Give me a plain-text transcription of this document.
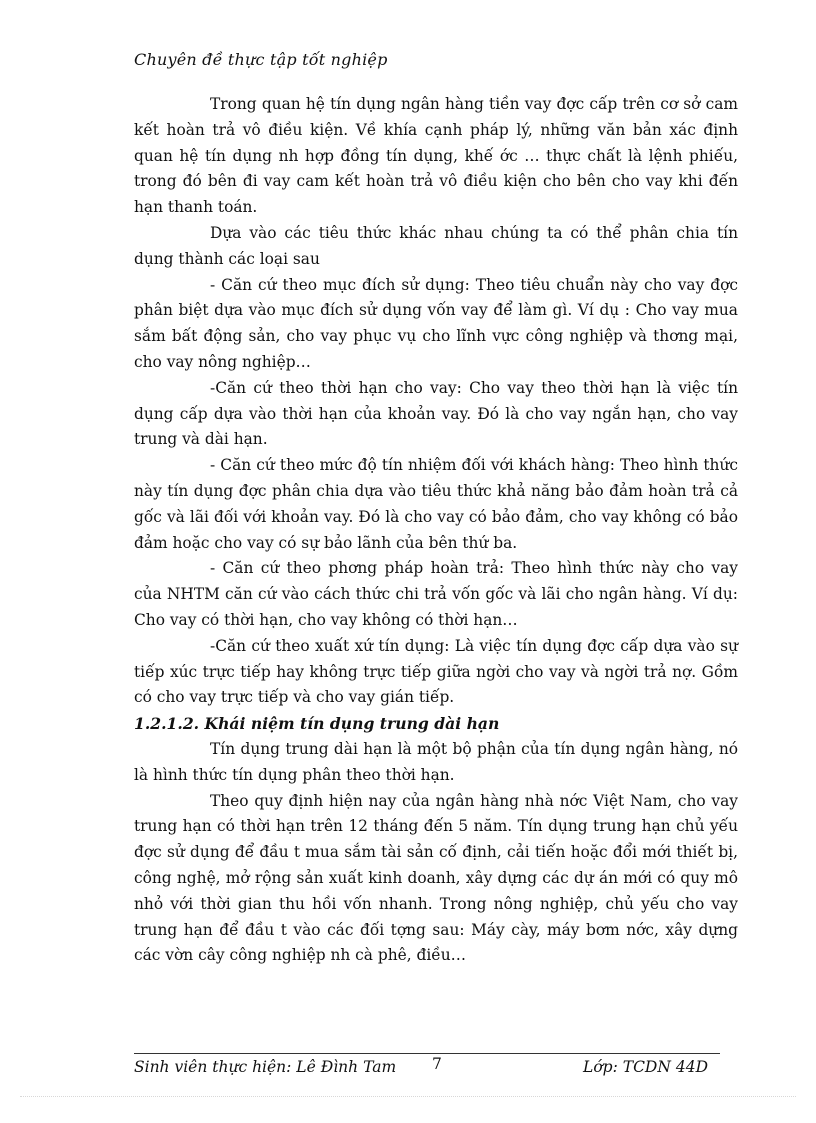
Chuyên đề thực tập tốt nghiệp

Trong quan hệ tín dụng ngân hàng tiền vay đợc cấp trên cơ sở cam kết hoàn trả vô điều kiện. Về khía cạnh pháp lý, những văn bản xác định quan hệ tín dụng nh hợp đồng tín dụng, khế ớc … thực chất là lệnh phiếu, trong đó bên đi vay cam kết hoàn trả vô điều kiện cho bên cho vay khi đến hạn thanh toán.

Dựa vào các tiêu thức khác nhau chúng ta có thể phân chia tín dụng thành các loại sau

- Căn cứ theo mục đích sử dụng: Theo tiêu chuẩn này cho vay đợc phân biệt dựa vào mục đích sử dụng vốn vay để làm gì. Ví dụ : Cho vay mua sắm bất động sản, cho vay phục vụ cho lĩnh vực công nghiệp và thơng mại, cho vay nông nghiệp…

-Căn cứ theo thời hạn cho vay: Cho vay theo thời hạn là việc tín dụng cấp dựa vào thời hạn của khoản vay. Đó là cho vay ngắn hạn, cho vay trung và dài hạn.

- Căn cứ theo mức độ tín nhiệm đối với khách hàng: Theo hình thức này tín dụng đợc phân chia dựa vào tiêu thức khả năng bảo đảm hoàn trả cả gốc và lãi đối với khoản vay. Đó là cho vay có bảo đảm, cho vay không có bảo đảm hoặc cho vay có sự bảo lãnh của bên thứ ba.

- Căn cứ theo phơng pháp hoàn trả: Theo hình thức này cho vay của NHTM căn cứ vào cách thức chi trả vốn gốc và lãi cho ngân hàng. Ví dụ: Cho vay có thời hạn, cho vay không có thời hạn…

-Căn cứ theo xuất xứ tín dụng: Là việc tín dụng đợc cấp dựa vào sự tiếp xúc trực tiếp hay không trực tiếp giữa ngời cho vay và ngời trả nợ. Gồm có cho vay trực tiếp và cho vay gián tiếp.

1.2.1.2. Khái niệm tín dụng trung dài hạn

Tín dụng trung dài hạn là một bộ phận của tín dụng ngân hàng, nó là hình thức tín dụng phân theo thời hạn.

Theo quy định hiện nay của ngân hàng nhà nớc Việt Nam, cho vay trung hạn có thời hạn trên 12 tháng đến 5 năm. Tín dụng trung hạn chủ yếu đợc sử dụng để đầu t mua sắm tài sản cố định, cải tiến hoặc đổi mới thiết bị, công nghệ, mở rộng sản xuất kinh doanh, xây dựng các dự án mới có quy mô nhỏ với thời gian thu hồi vốn nhanh. Trong nông nghiệp, chủ yếu cho vay trung hạn để đầu t vào các đối tợng sau: Máy cày, máy bơm nớc, xây dựng các vờn cây công nghiệp nh cà phê, điều…

Sinh viên thực hiện: Lê Đình Tam 7	Lớp: TCDN 44D
